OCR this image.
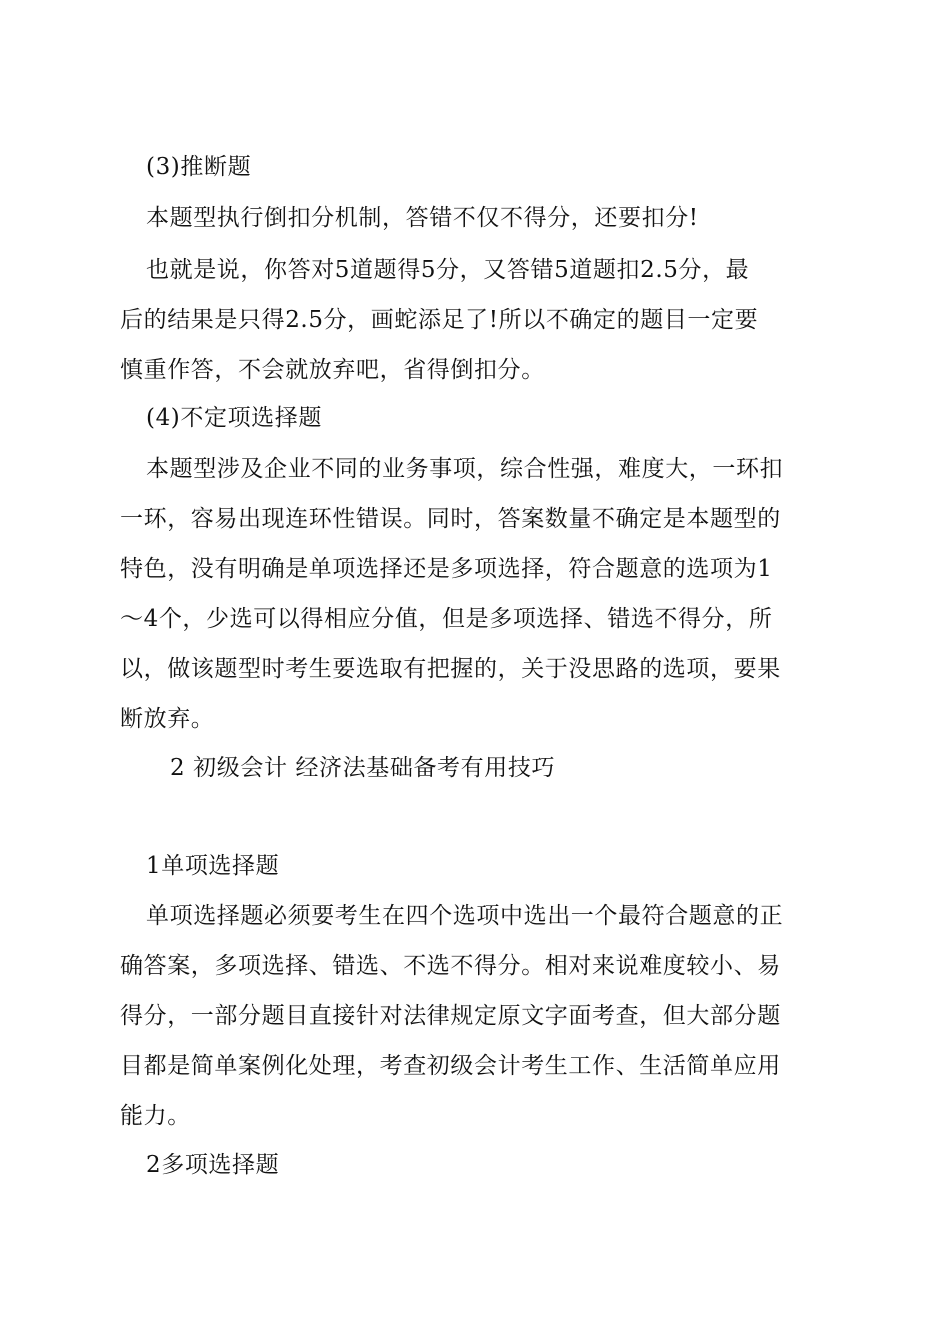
(3)推断题
本题型执行倒扣分机制，答错不仅不得分，还要扣分!
也就是说，你答对5道题得5分，又答错5道题扣2.5分，最
后的结果是只得2.5分，画蛇添足了!所以不确定的题目一定要
慎重作答，不会就放弃吧，省得倒扣分。
(4)不定项选择题
本题型涉及企业不同的业务事项，综合性强，难度大，一环扣
一环，容易出现连环性错误。同时，答案数量不确定是本题型的
特色，没有明确是单项选择还是多项选择，符合题意的选项为1
～4个，少选可以得相应分值，但是多项选择、错选不得分，所
以，做该题型时考生要选取有把握的，关于没思路的选项，要果
断放弃。
2 初级会计 经济法基础备考有用技巧
1单项选择题
单项选择题必须要考生在四个选项中选出一个最符合题意的正
确答案，多项选择、错选、不选不得分。相对来说难度较小、易
得分，一部分题目直接针对法律规定原文字面考查，但大部分题
目都是简单案例化处理，考查初级会计考生工作、生活简单应用
能力。
2多项选择题
